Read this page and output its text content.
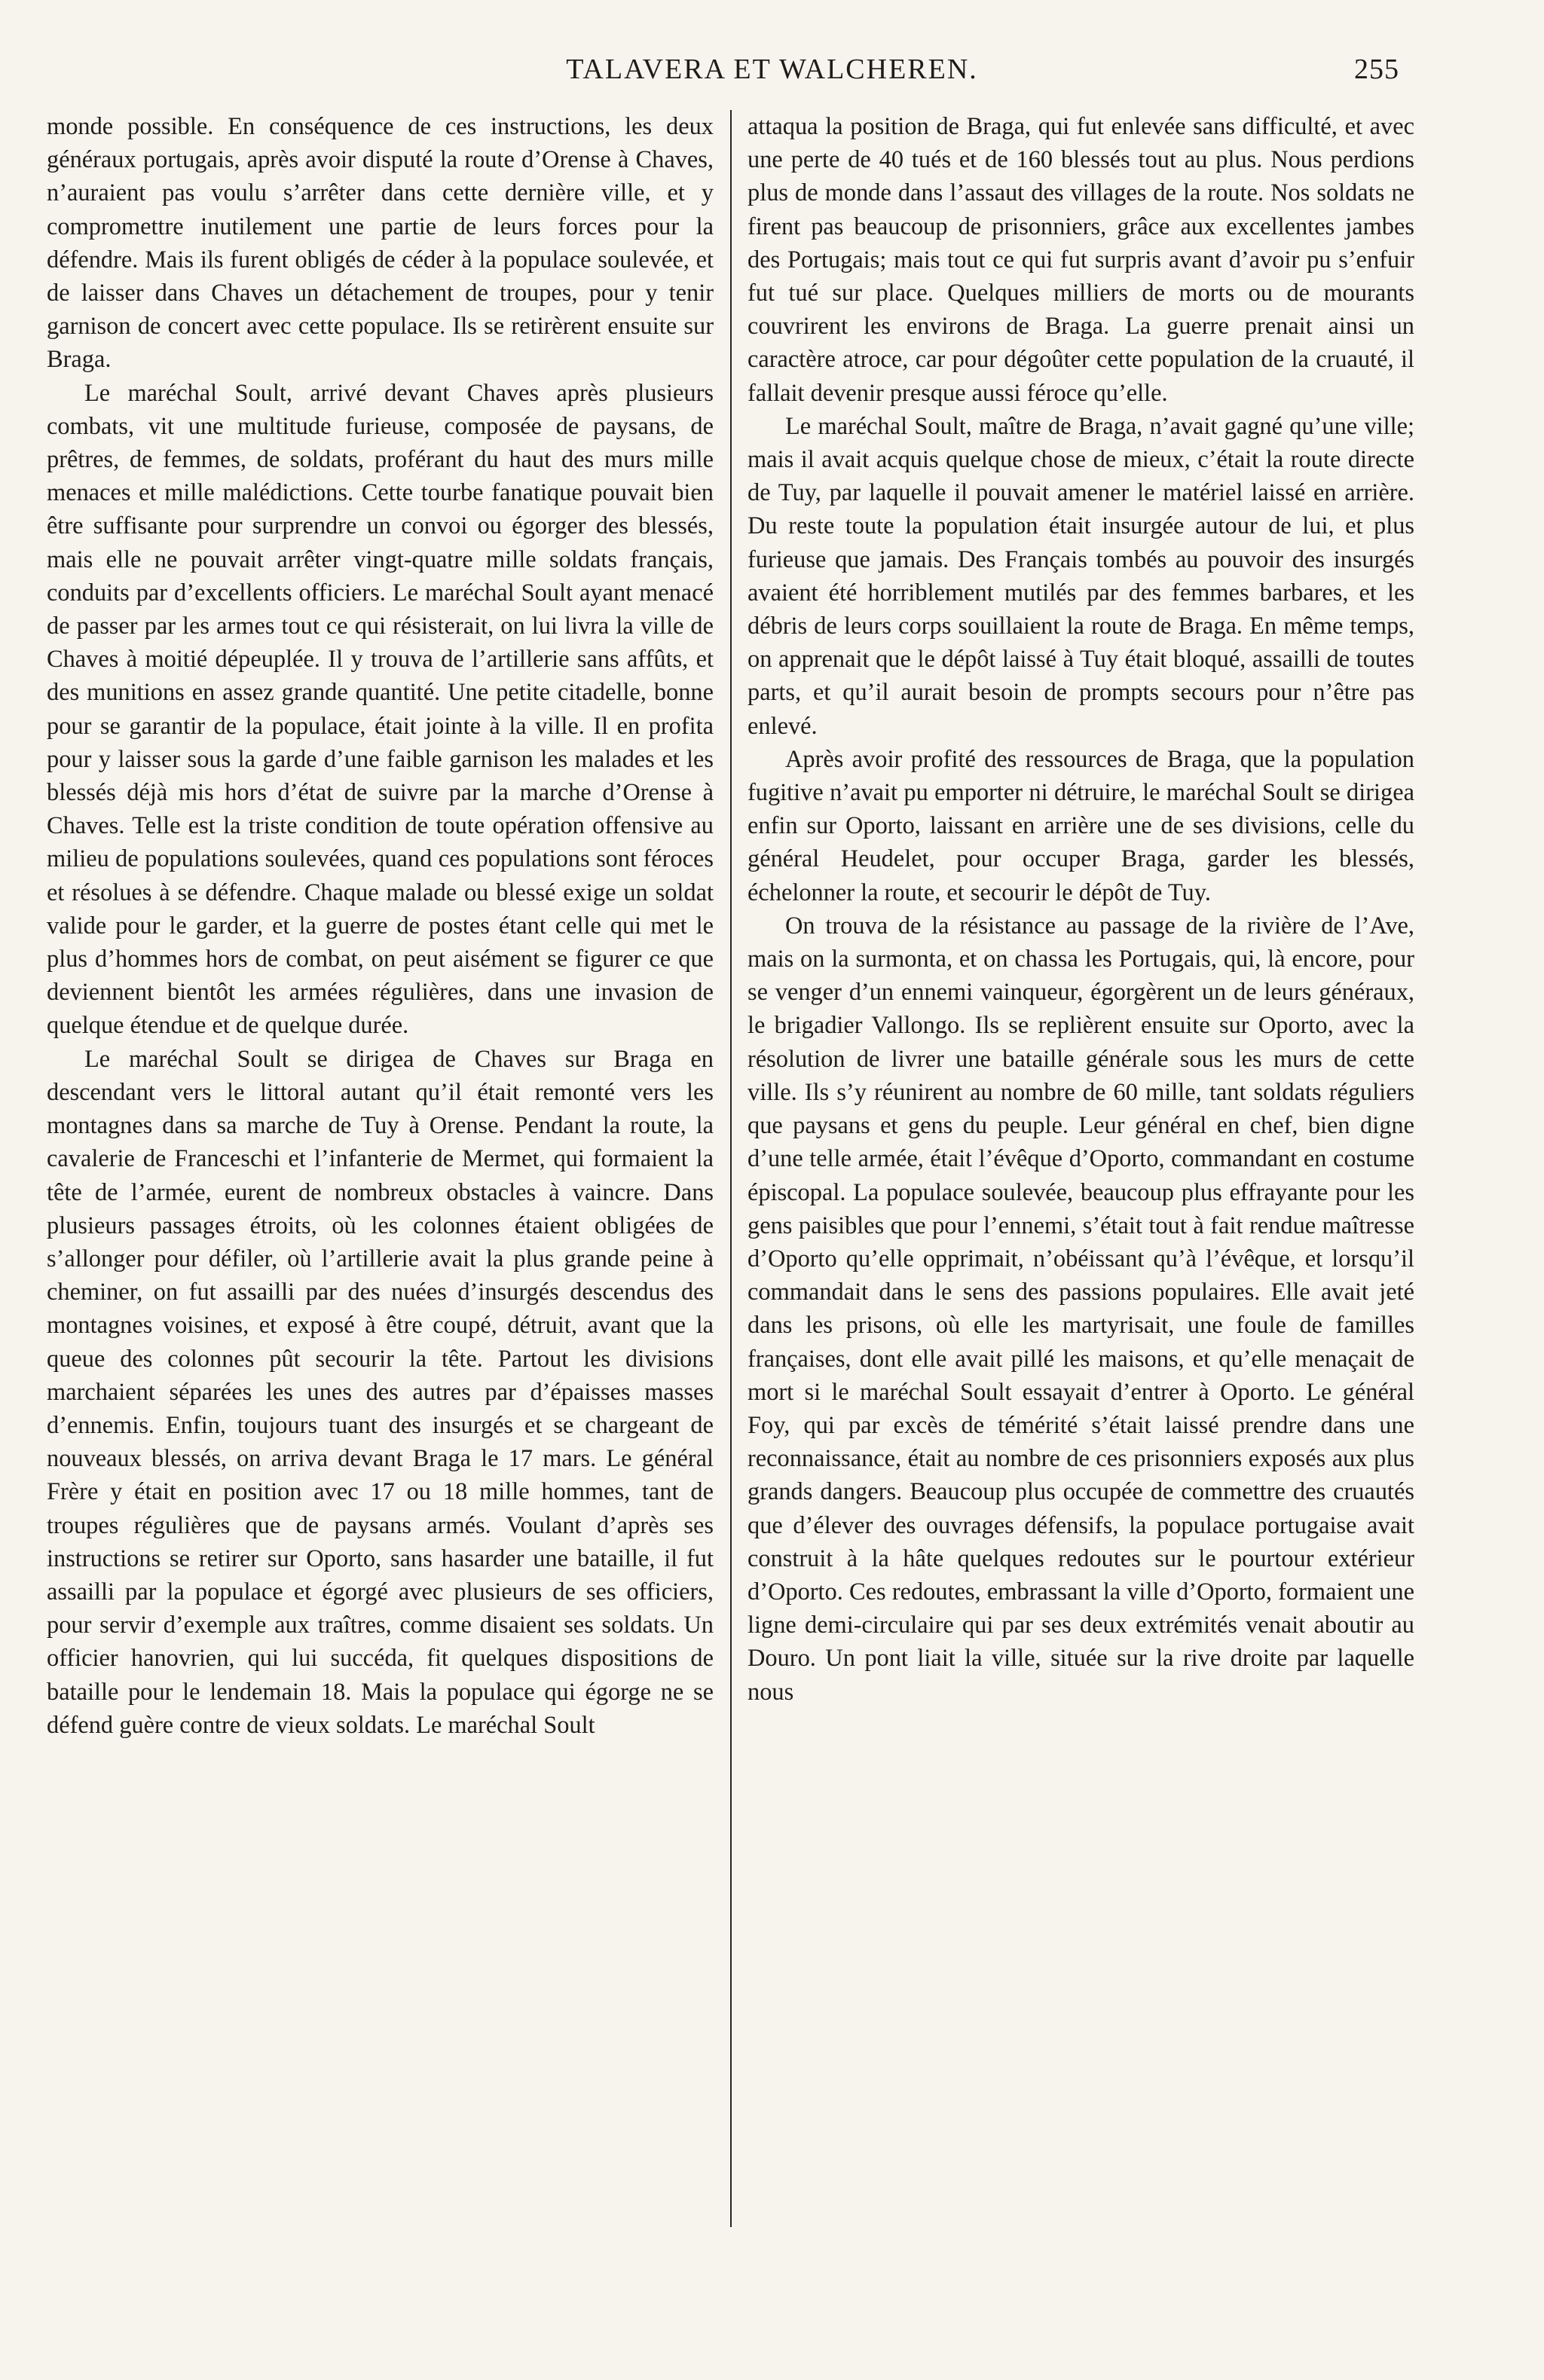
TALAVERA ET WALCHEREN.	255

monde possible. En conséquence de ces instructions, les deux généraux portugais, après avoir disputé la route d’Orense à Chaves, n’auraient pas voulu s’arrêter dans cette dernière ville, et y compromettre inutilement une partie de leurs forces pour la défendre. Mais ils furent obligés de céder à la populace soulevée, et de laisser dans Chaves un détachement de troupes, pour y tenir garnison de concert avec cette populace. Ils se retirèrent ensuite sur Braga.

Le maréchal Soult, arrivé devant Chaves après plusieurs combats, vit une multitude furieuse, composée de paysans, de prêtres, de femmes, de soldats, proférant du haut des murs mille menaces et mille malédictions. Cette tourbe fanatique pouvait bien être suffisante pour surprendre un convoi ou égorger des blessés, mais elle ne pouvait arrêter vingt-quatre mille soldats français, conduits par d’excellents officiers. Le maréchal Soult ayant menacé de passer par les armes tout ce qui résisterait, on lui livra la ville de Chaves à moitié dépeuplée. Il y trouva de l’artillerie sans affûts, et des munitions en assez grande quantité. Une petite citadelle, bonne pour se garantir de la populace, était jointe à la ville. Il en profita pour y laisser sous la garde d’une faible garnison les malades et les blessés déjà mis hors d’état de suivre par la marche d’Orense à Chaves. Telle est la triste condition de toute opération offensive au milieu de populations soulevées, quand ces populations sont féroces et résolues à se défendre. Chaque malade ou blessé exige un soldat valide pour le garder, et la guerre de postes étant celle qui met le plus d’hommes hors de combat, on peut aisément se figurer ce que deviennent bientôt les armées régulières, dans une invasion de quelque étendue et de quelque durée.

Le maréchal Soult se dirigea de Chaves sur Braga en descendant vers le littoral autant qu’il était remonté vers les montagnes dans sa marche de Tuy à Orense. Pendant la route, la cavalerie de Franceschi et l’infanterie de Mermet, qui formaient la tête de l’armée, eurent de nombreux obstacles à vaincre. Dans plusieurs passages étroits, où les colonnes étaient obligées de s’allonger pour défiler, où l’artillerie avait la plus grande peine à cheminer, on fut assailli par des nuées d’insurgés descendus des montagnes voisines, et exposé à être coupé, détruit, avant que la queue des colonnes pût secourir la tête. Partout les divisions marchaient séparées les unes des autres par d’épaisses masses d’ennemis. Enfin, toujours tuant des insurgés et se chargeant de nouveaux blessés, on arriva devant Braga le 17 mars. Le général Frère y était en position avec 17 ou 18 mille hommes, tant de troupes régulières que de paysans armés. Voulant d’après ses instructions se retirer sur Oporto, sans hasarder une bataille, il fut assailli par la populace et égorgé avec plusieurs de ses officiers, pour servir d’exemple aux traîtres, comme disaient ses soldats. Un officier hanovrien, qui lui succéda, fit quelques dispositions de bataille pour le lendemain 18. Mais la populace qui égorge ne se défend guère contre de vieux soldats. Le maréchal Soult

attaqua la position de Braga, qui fut enlevée sans difficulté, et avec une perte de 40 tués et de 160 blessés tout au plus. Nous perdions plus de monde dans l’assaut des villages de la route. Nos soldats ne firent pas beaucoup de prisonniers, grâce aux excellentes jambes des Portugais; mais tout ce qui fut surpris avant d’avoir pu s’enfuir fut tué sur place. Quelques milliers de morts ou de mourants couvrirent les environs de Braga. La guerre prenait ainsi un caractère atroce, car pour dégoûter cette population de la cruauté, il fallait devenir presque aussi féroce qu’elle.

Le maréchal Soult, maître de Braga, n’avait gagné qu’une ville; mais il avait acquis quelque chose de mieux, c’était la route directe de Tuy, par laquelle il pouvait amener le matériel laissé en arrière. Du reste toute la population était insurgée autour de lui, et plus furieuse que jamais. Des Français tombés au pouvoir des insurgés avaient été horriblement mutilés par des femmes barbares, et les débris de leurs corps souillaient la route de Braga. En même temps, on apprenait que le dépôt laissé à Tuy était bloqué, assailli de toutes parts, et qu’il aurait besoin de prompts secours pour n’être pas enlevé.

Après avoir profité des ressources de Braga, que la population fugitive n’avait pu emporter ni détruire, le maréchal Soult se dirigea enfin sur Oporto, laissant en arrière une de ses divisions, celle du général Heudelet, pour occuper Braga, garder les blessés, échelonner la route, et secourir le dépôt de Tuy.

On trouva de la résistance au passage de la rivière de l’Ave, mais on la surmonta, et on chassa les Portugais, qui, là encore, pour se venger d’un ennemi vainqueur, égorgèrent un de leurs généraux, le brigadier Vallongo. Ils se replièrent ensuite sur Oporto, avec la résolution de livrer une bataille générale sous les murs de cette ville. Ils s’y réunirent au nombre de 60 mille, tant soldats réguliers que paysans et gens du peuple. Leur général en chef, bien digne d’une telle armée, était l’évêque d’Oporto, commandant en costume épiscopal. La populace soulevée, beaucoup plus effrayante pour les gens paisibles que pour l’ennemi, s’était tout à fait rendue maîtresse d’Oporto qu’elle opprimait, n’obéissant qu’à l’évêque, et lorsqu’il commandait dans le sens des passions populaires. Elle avait jeté dans les prisons, où elle les martyrisait, une foule de familles françaises, dont elle avait pillé les maisons, et qu’elle menaçait de mort si le maréchal Soult essayait d’entrer à Oporto. Le général Foy, qui par excès de témérité s’était laissé prendre dans une reconnaissance, était au nombre de ces prisonniers exposés aux plus grands dangers. Beaucoup plus occupée de commettre des cruautés que d’élever des ouvrages défensifs, la populace portugaise avait construit à la hâte quelques redoutes sur le pourtour extérieur d’Oporto. Ces redoutes, embrassant la ville d’Oporto, formaient une ligne demi-circulaire qui par ses deux extrémités venait aboutir au Douro. Un pont liait la ville, située sur la rive droite par laquelle nous
